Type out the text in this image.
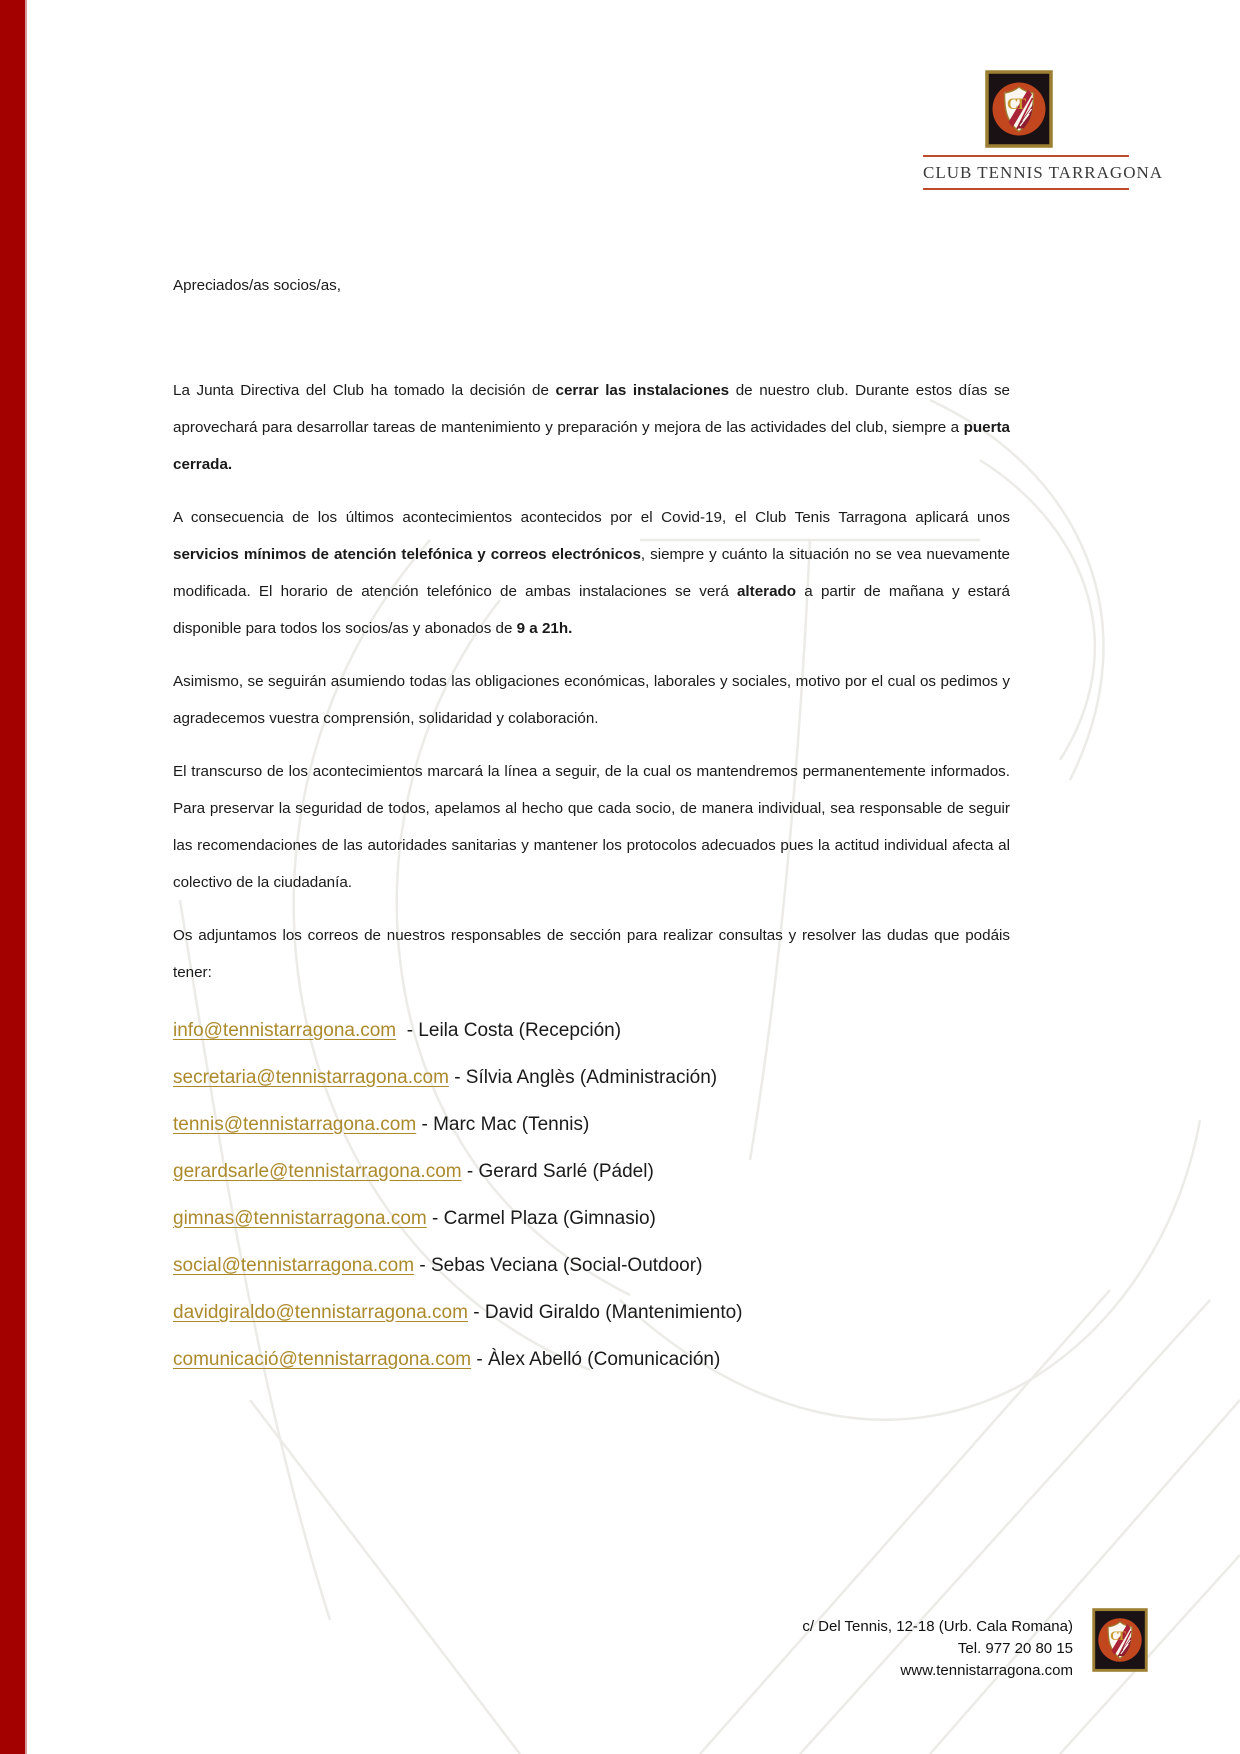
CT
CLUB TENNIS TARRAGONA
Apreciados/as socios/as,
La Junta Directiva del Club ha tomado la decisión de cerrar las instalaciones de nuestro club. Durante estos días se aprovechará para desarrollar tareas de mantenimiento y preparación y mejora de las actividades del club, siempre a puerta cerrada.
A consecuencia de los últimos acontecimientos acontecidos por el Covid-19, el Club Tenis Tarragona aplicará unos servicios mínimos de atención telefónica y correos electrónicos, siempre y cuánto la situación no se vea nuevamente modificada. El horario de atención telefónico de ambas instalaciones se verá alterado a partir de mañana y estará disponible para todos los socios/as y abonados de 9 a 21h.
Asimismo, se seguirán asumiendo todas las obligaciones económicas, laborales y sociales, motivo por el cual os pedimos y agradecemos vuestra comprensión, solidaridad y colaboración.
El transcurso de los acontecimientos marcará la línea a seguir, de la cual os mantendremos permanentemente informados. Para preservar la seguridad de todos, apelamos al hecho que cada socio, de manera individual, sea responsable de seguir las recomendaciones de las autoridades sanitarias y mantener los protocolos adecuados pues la actitud individual afecta al colectivo de la ciudadanía.
Os adjuntamos los correos de nuestros responsables de sección para realizar consultas y resolver las dudas que podáis tener:
info@tennistarragona.com  - Leila Costa (Recepción)
secretaria@tennistarragona.com - Sílvia Anglès (Administración)
tennis@tennistarragona.com - Marc Mac (Tennis)
gerardsarle@tennistarragona.com - Gerard Sarlé (Pádel)
gimnas@tennistarragona.com - Carmel Plaza (Gimnasio)
social@tennistarragona.com - Sebas Veciana (Social-Outdoor)
davidgiraldo@tennistarragona.com - David Giraldo (Mantenimiento)
comunicació@tennistarragona.com - Àlex Abelló (Comunicación)
c/ Del Tennis, 12-18 (Urb. Cala Romana)
Tel. 977 20 80 15
www.tennistarragona.com
CT
